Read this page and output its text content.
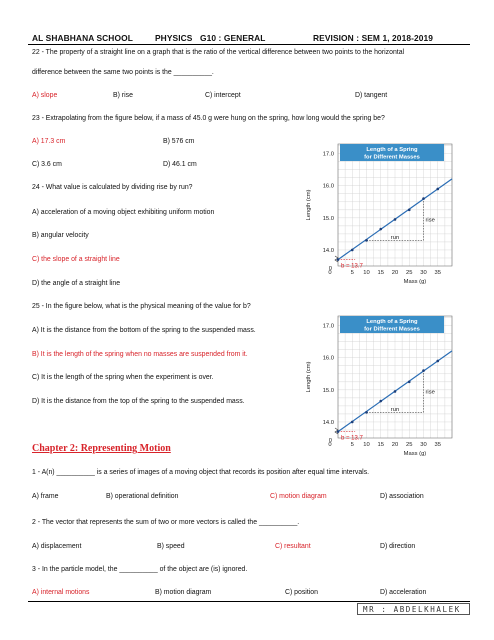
AL SHABHANA SCHOOL	PHYSICS G10 : GENERAL	REVISION : SEM 1, 2018-2019
22 - The property of a straight line on a graph that is the ratio of the vertical difference between two points to the horizontal
difference between the same two points is the __________.
A) slope	B) rise	C) intercept	D) tangent
23 - Extrapolating from the figure below, if a mass of 45.0 g were hung on the spring, how long would the spring be?
A) 17.3 cm	B) 576 cm
C) 3.6 cm	D) 46.1 cm
24 - What value is calculated by dividing rise by run?
A) acceleration of a moving object exhibiting uniform motion
B) angular velocity
C) the slope of a straight line
D) the angle of a straight line
25 - In the figure below, what is the physical meaning of the value for b?
A) It is the distance from the bottom of the spring to the suspended mass.
B) It is the length of the spring when no masses are suspended from it.
C) It is the length of the spring when the experiment is over.
D) It is the distance from the top of the spring to the suspended mass.
Length of a Spring
for Different Masses
14.0
15.0
16.0
17.0
0
0	5 10 15 20 25 30 35
Mass (g)
Length (cm)	rise
run
b = 13.7
Length of a Spring
for Different Masses
14.0
15.0
16.0
17.0
0
0	5 10 15 20 25 30 35
Mass (g)
Length (cm)	rise
run
b = 13.7
Chapter 2: Representing Motion
1 - A(n) __________ is a series of images of a moving object that records its position after equal time intervals.
A) frame	B) operational definition	C) motion diagram	D) association
2 - The vector that represents the sum of two or more vectors is called the __________.
A) displacement	B) speed	C) resultant	D) direction
3 - In the particle model, the __________ of the object are (is) ignored.
A) internal motions	B) motion diagram	C) position	D) acceleration
MR : ABDELKHALEK
